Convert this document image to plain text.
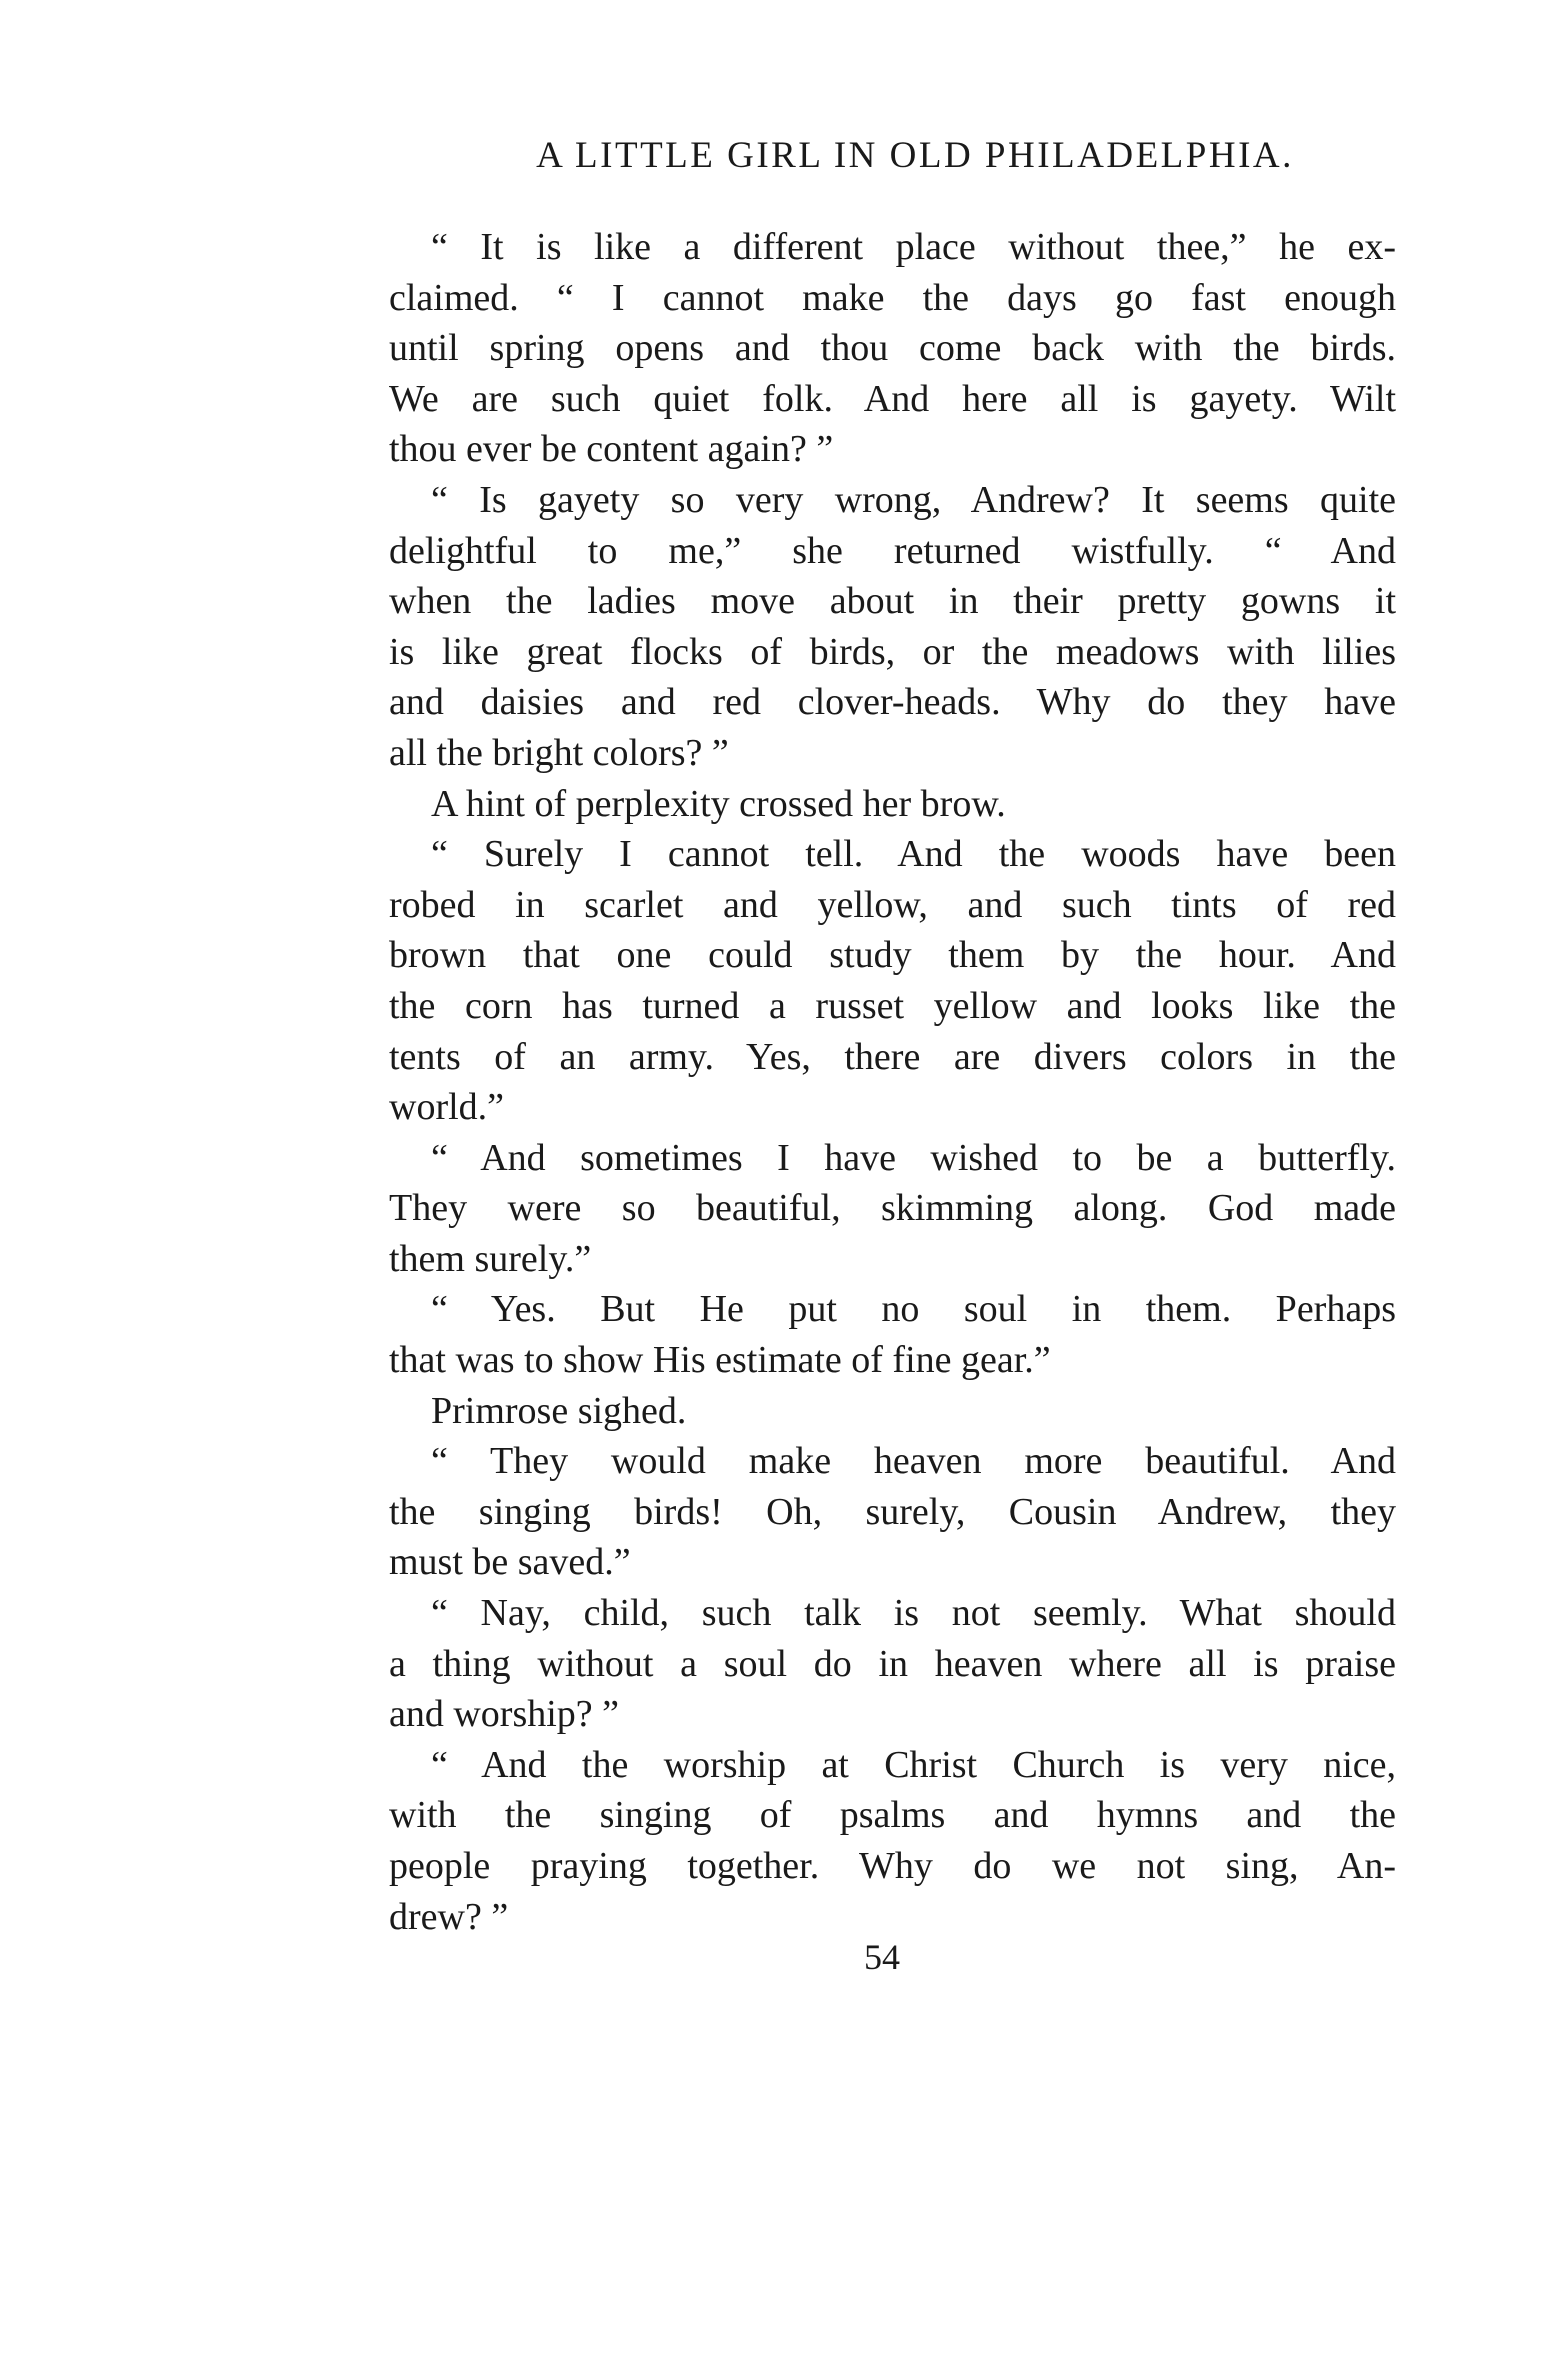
A LITTLE GIRL IN OLD PHILADELPHIA.
“ It is like a different place without thee,” he ex-
claimed. “ I cannot make the days go fast enough
until spring opens and thou come back with the birds.
We are such quiet folk. And here all is gayety. Wilt
thou ever be content again? ”
“ Is gayety so very wrong, Andrew? It seems quite
delightful to me,” she returned wistfully. “ And
when the ladies move about in their pretty gowns it
is like great flocks of birds, or the meadows with lilies
and daisies and red clover-heads. Why do they have
all the bright colors? ”
A hint of perplexity crossed her brow.
“ Surely I cannot tell. And the woods have been
robed in scarlet and yellow, and such tints of red
brown that one could study them by the hour. And
the corn has turned a russet yellow and looks like the
tents of an army. Yes, there are divers colors in the
world.”
“ And sometimes I have wished to be a butterfly.
They were so beautiful, skimming along. God made
them surely.”
“ Yes. But He put no soul in them. Perhaps
that was to show His estimate of fine gear.”
Primrose sighed.
“ They would make heaven more beautiful. And
the singing birds! Oh, surely, Cousin Andrew, they
must be saved.”
“ Nay, child, such talk is not seemly. What should
a thing without a soul do in heaven where all is praise
and worship? ”
“ And the worship at Christ Church is very nice,
with the singing of psalms and hymns and the
people praying together. Why do we not sing, An-
drew? ”
54
